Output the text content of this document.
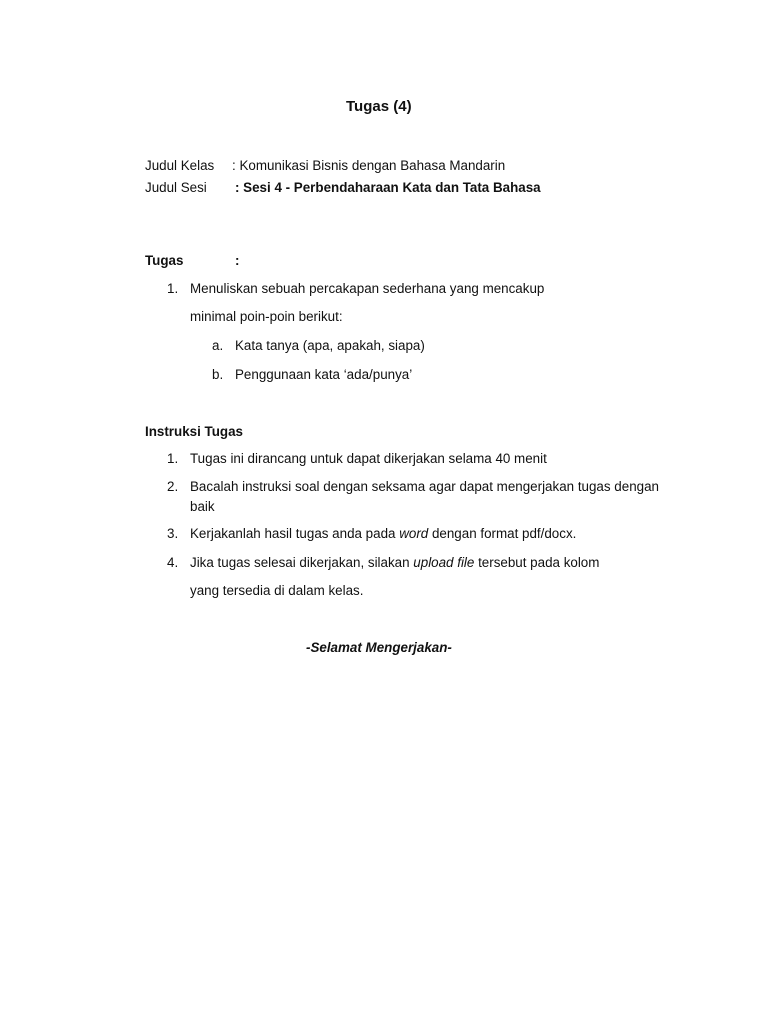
Tugas (4)
Judul Kelas : Komunikasi Bisnis dengan Bahasa Mandarin
Judul Sesi : Sesi 4 - Perbendaharaan Kata dan Tata Bahasa
Tugas	:
1. Menuliskan sebuah percakapan sederhana yang mencakup
minimal poin-poin berikut:
a. Kata tanya (apa, apakah, siapa)
b. Penggunaan kata ‘ada/punya’
Instruksi Tugas
1. Tugas ini dirancang untuk dapat dikerjakan selama 40 menit
2. Bacalah instruksi soal dengan seksama agar dapat mengerjakan tugas dengan
baik
3. Kerjakanlah hasil tugas anda pada word dengan format pdf/docx.
4. Jika tugas selesai dikerjakan, silakan upload file tersebut pada kolom
yang tersedia di dalam kelas.
-Selamat Mengerjakan-
